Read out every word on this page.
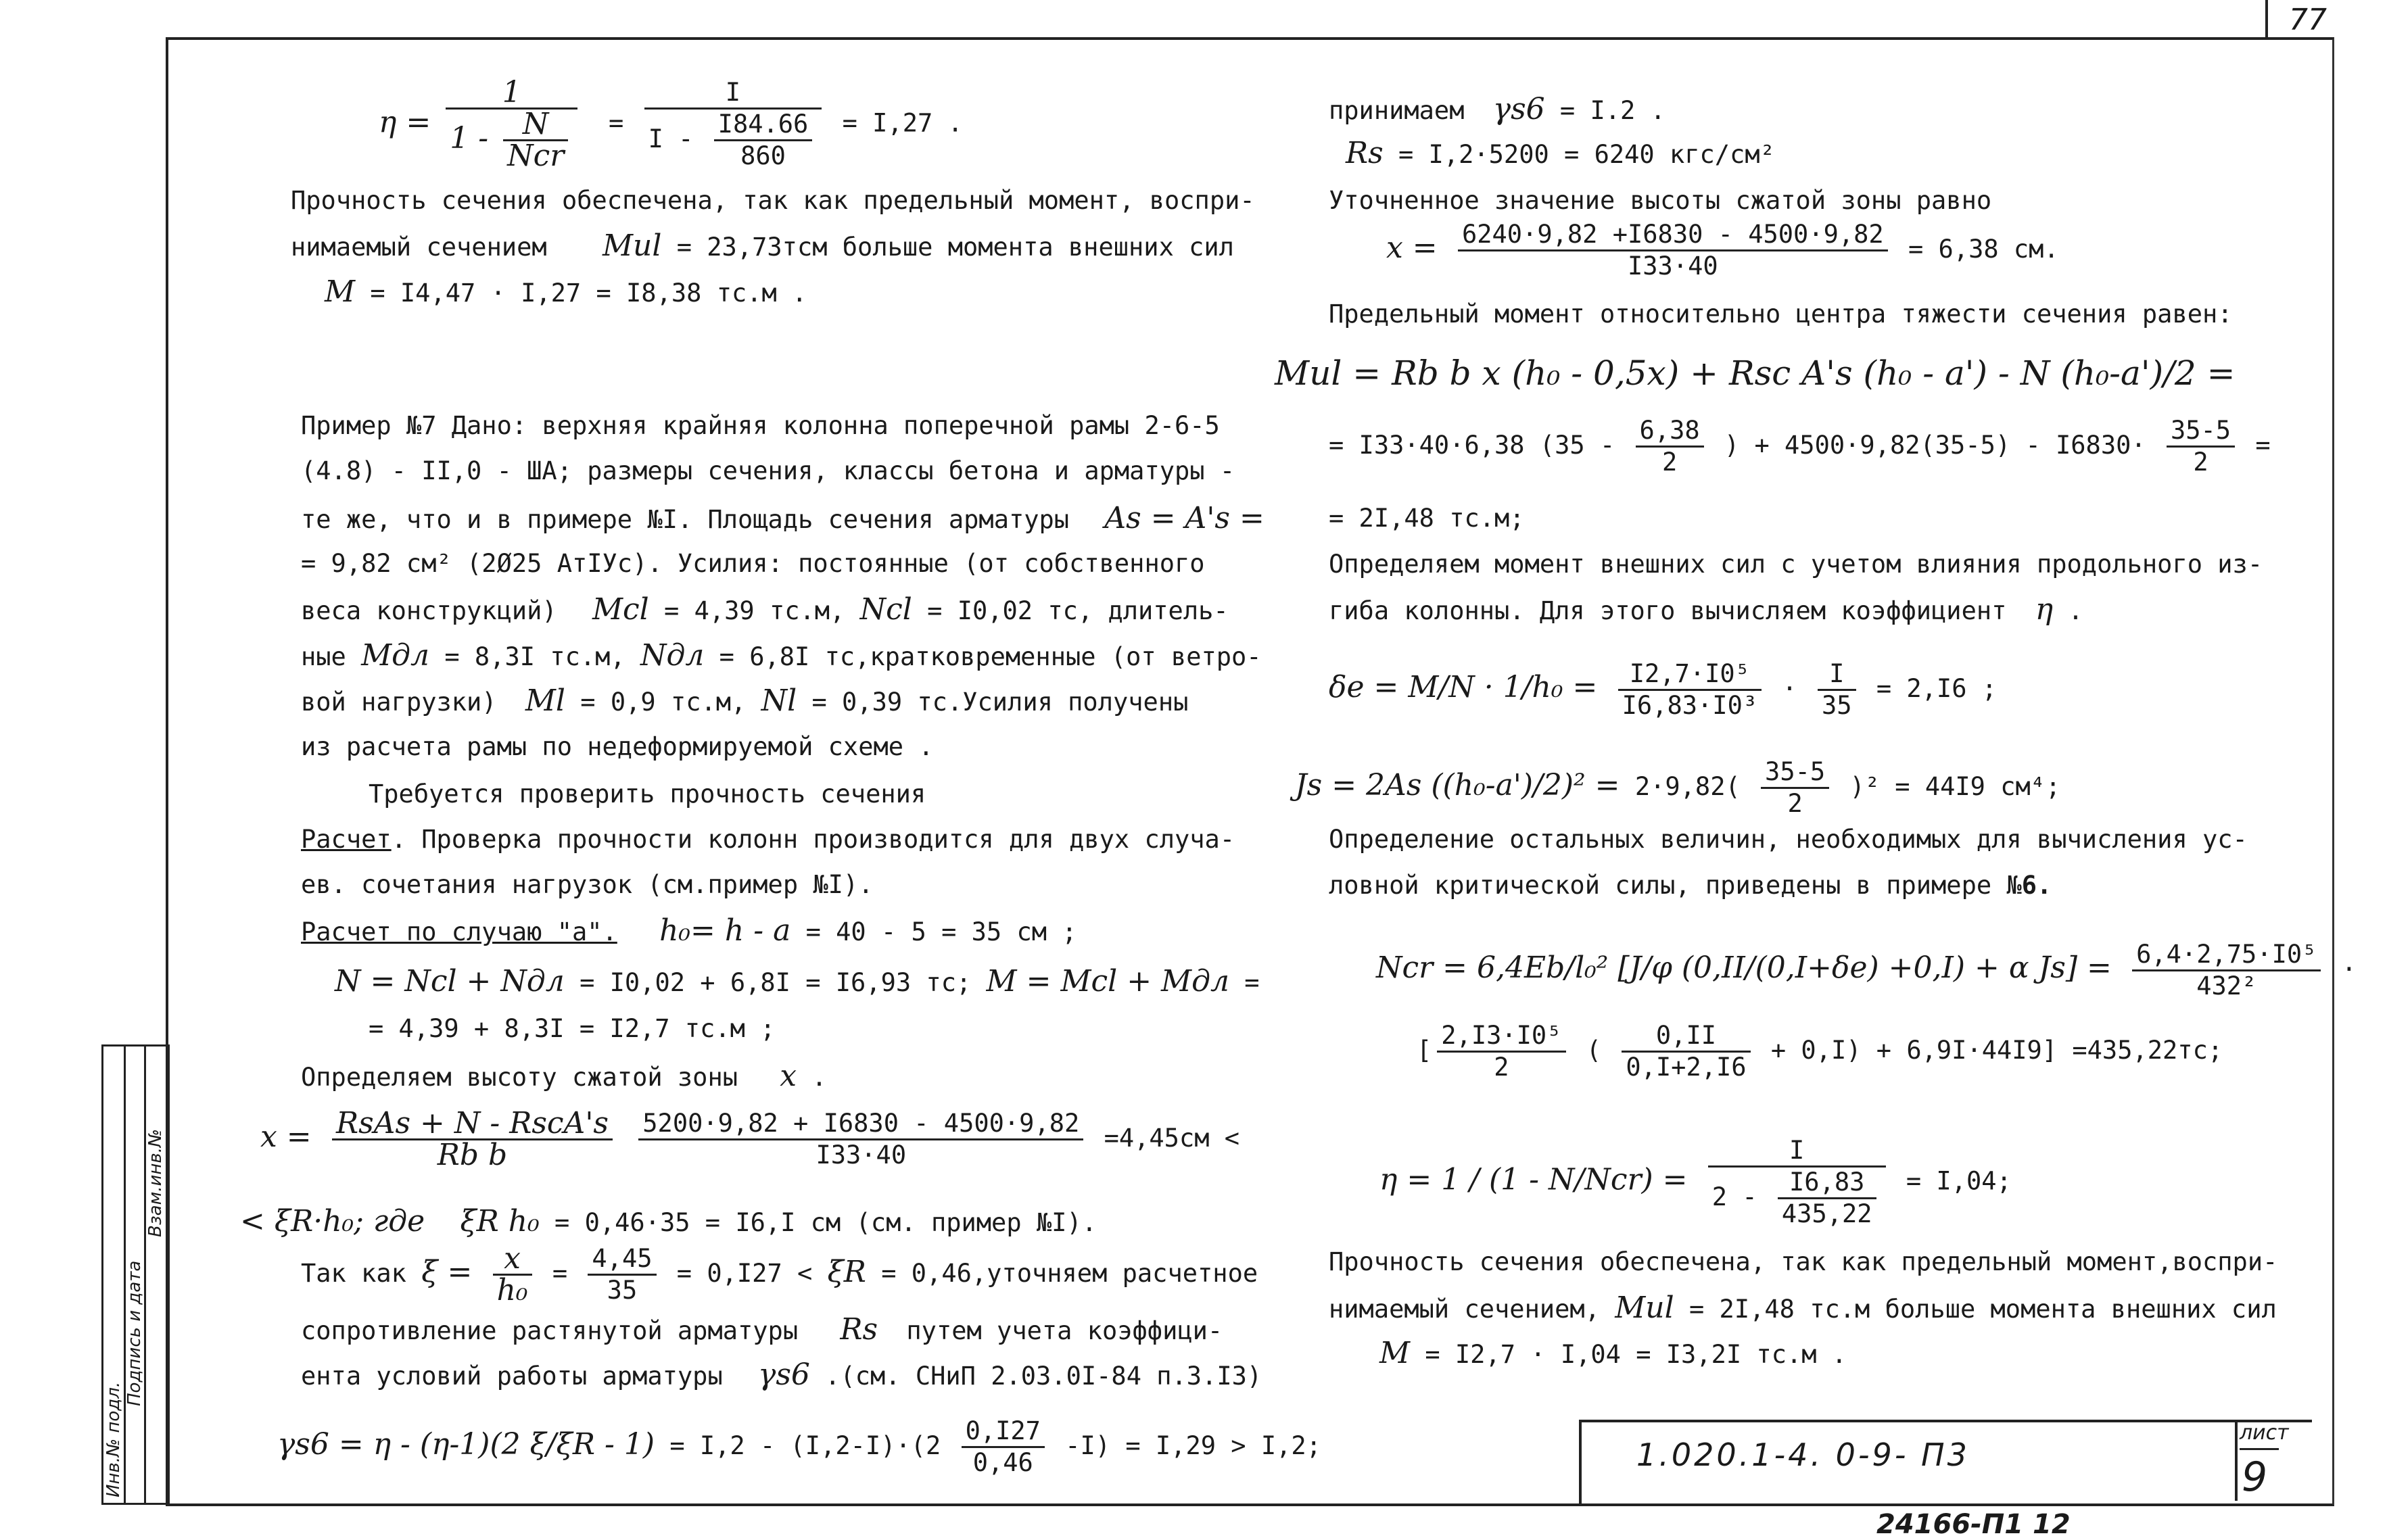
77
Инв.№ подл.
Подпись и дата
Взам.инв.№
η =
1
1 - N
Ncr
= $\frac{I}{I - \frac{I84.66}{860}} = I,27$ .
Прочность сечения обеспечена, так как предельный момент, воспри-
нимаемый сечением Mul = 23,73тсм больше момента внешних сил
M = I4,47 · I,27 = I8,38 тс.м .
Пример №7 Дано: верхняя крайняя колонна поперечной рамы 2-6-5
(4.8) - II,0 - ША; размеры сечения, классы бетона и арматуры -
те же, что и в примере №I. Площадь сечения арматуры As = A's =
= 9,82 см² (2Ø25 АтIУс). Усилия: постоянные (от собственного
веса конструкций) Mcl = 4,39 тс.м, Ncl = I0,02 тс, длитель-
ные Mдл = 8,3I тс.м, Nдл = 6,8I тс,кратковременные (от ветро-
вой нагрузки) Ml = 0,9 тс.м, Nl = 0,39 тс.Усилия получены
из расчета рамы по недеформируемой схеме .
Требуется проверить прочность сечения
Расчет. Проверка прочности колонн производится для двух случа-
ев. сочетания нагрузок (см.пример №I).
Расчет по случаю "а". h₀= h - a = 40 - 5 = 35 см ;
N = Ncl + Nдл = I0,02 + 6,8I = I6,93 тс; M = Mcl + Mдл =
= 4,39 + 8,3I = I2,7 тс.м ;
Определяем высоту сжатой зоны x .
x = RsAs + N - RscA's
Rb b
	$\frac{5200\cdot 9,82 + I6830 - 4500\cdot 9,82}{I33\cdot 40} =4,45см$ <
< ξR·h₀; где ξR h₀ = 0,46·35 = I6,I см (см. пример №I).
Так как $\xi = \frac{x}{\text{h₀}} = \frac{4,45}{35} = 0,I27 < \xi R$ = 0,46,уточняем расчетное
сопротивление растянутой арматуры Rs путем учета коэффици-
ента условий работы арматуры γs6 .(см. СНиП 2.03.0I-84 п.3.I3)
γs6 = η - (η-1)(2 $\xi/\xi R - 1) = I,2 - (I,2-I)\cdot(2 \frac{0,I27}{0,46} -I) = I,29 > I,2$;
принимаем γs6 = I.2 .
Rs = I,2·5200 = 6240 кгс/см²
Уточненное значение высоты сжатой зоны равно
$x = \frac{6240\cdot 9,82 +I6830 - 4500\cdot 9,82}{I33\cdot 40} = 6,38$ см.
Предельный момент относительно центра тяжести сечения равен:
Mul = Rb b x (h₀ - 0,5x) + Rsc A's (h₀ - a') - N (h₀-a')/2 =
= I33·40·6,38 ($35 - \frac{6,38}{2}$ ) + $4500\cdot 9,82(35-5) - I6830\cdot \frac{35-5}{2}$ =
= 2I,48 тс.м;
Определяем момент внешних сил с учетом влияния продольного из-
гиба колонны. Для этого вычисляем коэффициент η .
$\delta e = M/N \cdot 1/h_0 = \frac{\text{I2,7·I0⁵}}{\text{I6,83·I0³}} \cdot \frac{I}{35} = 2,I6$ ;
Js = 2As $((h_0-a')/2)^2 = 2\cdot 9,82( \frac{35-5}{2} )^2 = 44I9$ см⁴;
Определение остальных величин, необходимых для вычисления ус-
ловной критической силы, приведены в примере №6.
Ncr = 6,4Eb/l₀² [J/φ (0,II/(0,I+δe) +0,I) + α $Js] = \frac{\text{6,4·2,75·I0⁵}}{\text{432²}}$ ·
[ $\frac{\text{2,I3·I0⁵}}{2}$ ( $\frac{0,II}{0,I+2,I6} + 0,I) + 6,9I\cdot 44I9] =435,22тс$;
$\eta = 1 / (1 - N/Ncr) = \frac{I}{2 - \frac{I6,83}{435,22}} = I,04$;
Прочность сечения обеспечена, так как предельный момент,воспри-
нимаемый сечением, Mul = 2I,48 тс.м больше момента внешних сил
M = I2,7 · I,04 = I3,2I тс.м .
1.020.1-4. 0-9- П3
лист
9
24166-П1 12
